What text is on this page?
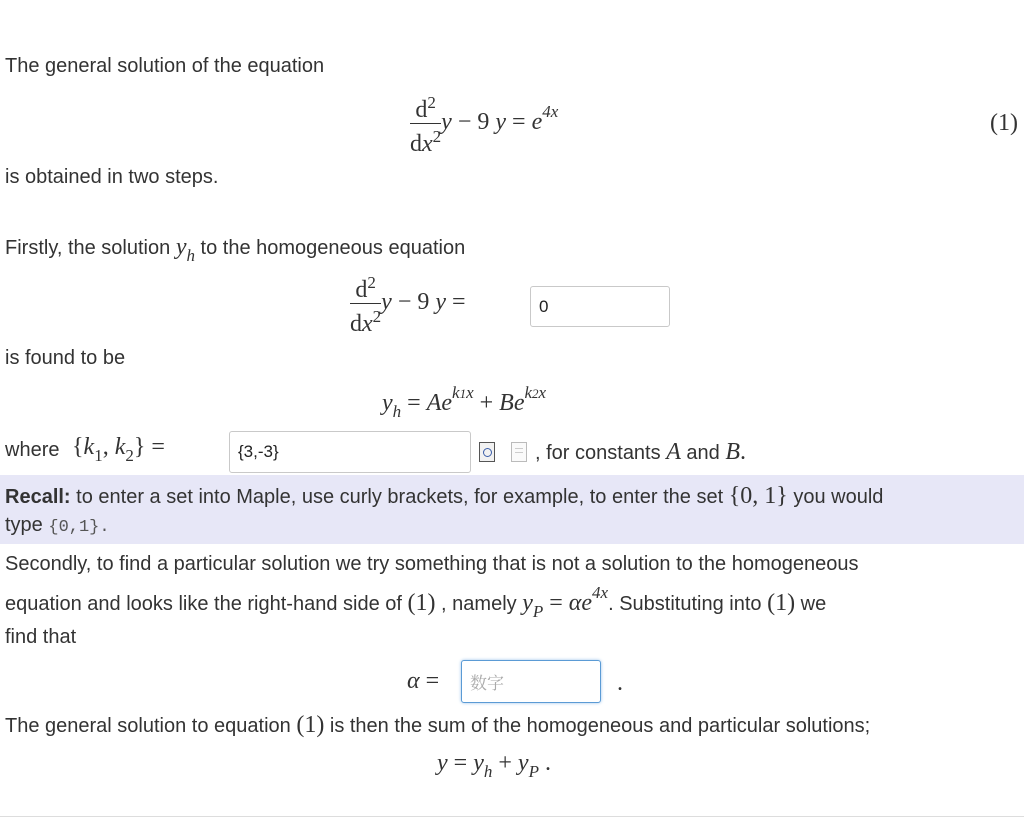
The general solution of the equation
$\frac{d^2}{dx^2}$ y − 9 $y = e^{4x}$	(1)
is obtained in two steps.
Firstly, the solution $y_h$ to the homogeneous equation
$\frac{d^2}{dx^2}$ y − 9 y =	0
is found to be
$y_h = Ae^{k1x} + Be^{k2x}$
where {$k_1$, $k_2$} =	{3,-3}	, for constants A and B.
Recall: to enter a set into Maple, use curly brackets, for example, to enter the set {0, 1} you would
type {0,1}.
Secondly, to find a particular solution we try something that is not a solution to the homogeneous
equation and looks like the right-hand side of (1) , namely $y_P = \alpha e^{4x}$. Substituting into (1) we
find that
α = 数字	.
The general solution to equation (1) is then the sum of the homogeneous and particular solutions;
$y = y_h + y_P$ .
